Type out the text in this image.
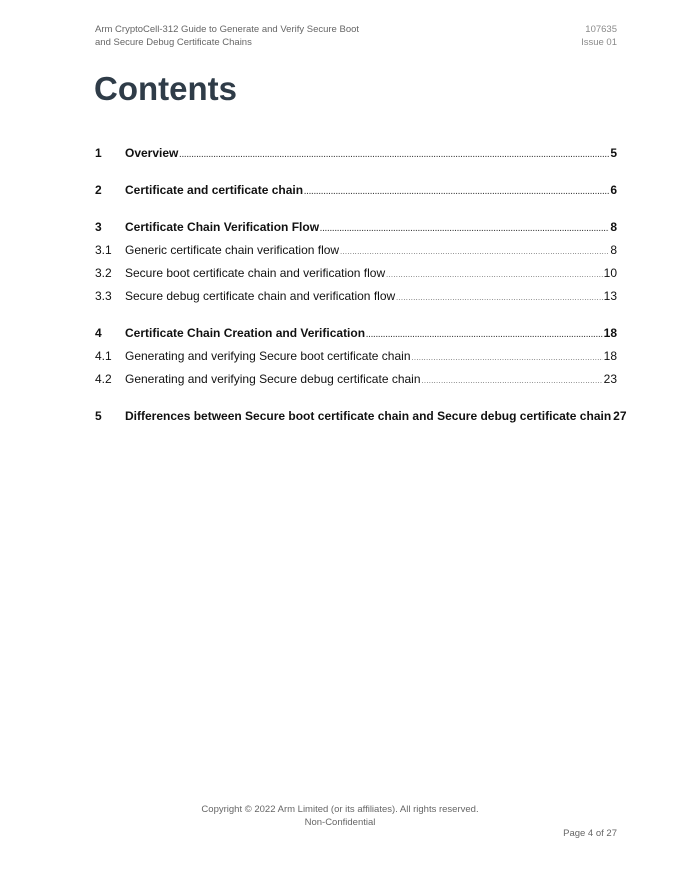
Arm CryptoCell-312 Guide to Generate and Verify Secure Boot
and Secure Debug Certificate Chains
107635
Issue 01
Contents
1	Overview .....	5
2	Certificate and certificate chain .....	6
3	Certificate Chain Verification Flow .....	8
3.1	Generic certificate chain verification flow .....	8
3.2	Secure boot certificate chain and verification flow .....	10
3.3	Secure debug certificate chain and verification flow .....	13
4	Certificate Chain Creation and Verification .....	18
4.1	Generating and verifying Secure boot certificate chain .....	18
4.2	Generating and verifying Secure debug certificate chain .....	23
5	Differences between Secure boot certificate chain and Secure debug certificate chain 27
Copyright © 2022 Arm Limited (or its affiliates). All rights reserved.
Non-Confidential
Page 4 of 27
